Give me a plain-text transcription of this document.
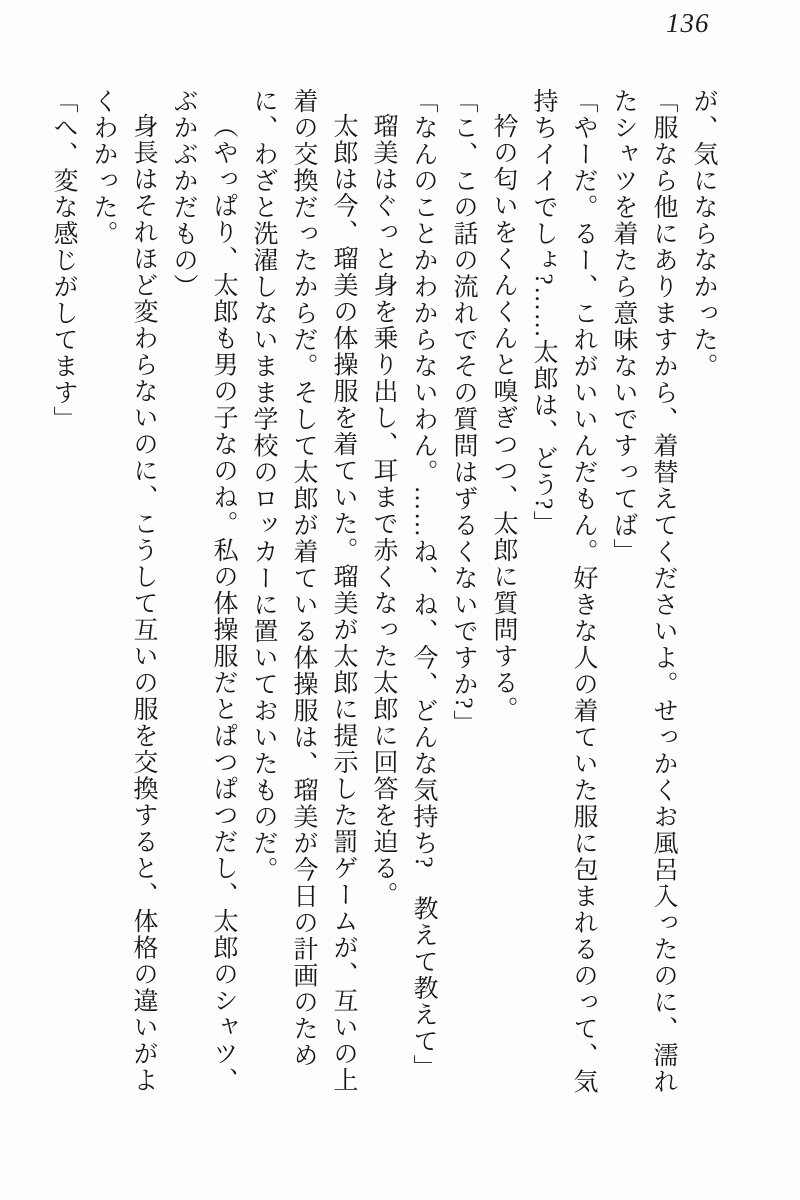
136

が、気にならなかった。

「服なら他にありますから、着替えてくださいよ。せっかくお風呂入ったのに、濡れたシャツを着たら意味ないですってば」

「やーだ。るー、これがいいんだもん。好きな人の着ていた服に包まれるのって、気持ちイイでしょ?……太郎は、どう?」

衿の匂いをくんくんと嗅ぎつつ、太郎に質問する。

「こ、この話の流れでその質問はずるくないですか?」

「なんのことかわからないわん。……ね、ね、今、どんな気持ち?　教えて教えて」

瑠美はぐっと身を乗り出し、耳まで赤くなった太郎に回答を迫る。

太郎は今、瑠美の体操服を着ていた。瑠美が太郎に提示した罰ゲームが、互いの上着の交換だったからだ。そして太郎が着ている体操服は、瑠美が今日の計画のために、わざと洗濯しないまま学校のロッカーに置いておいたものだ。

（やっぱり、太郎も男の子なのね。私の体操服だとぱつぱつだし、太郎のシャツ、ぶかぶかだもの）

身長はそれほど変わらないのに、こうして互いの服を交換すると、体格の違いがよくわかった。

「へ、変な感じがしてます」
